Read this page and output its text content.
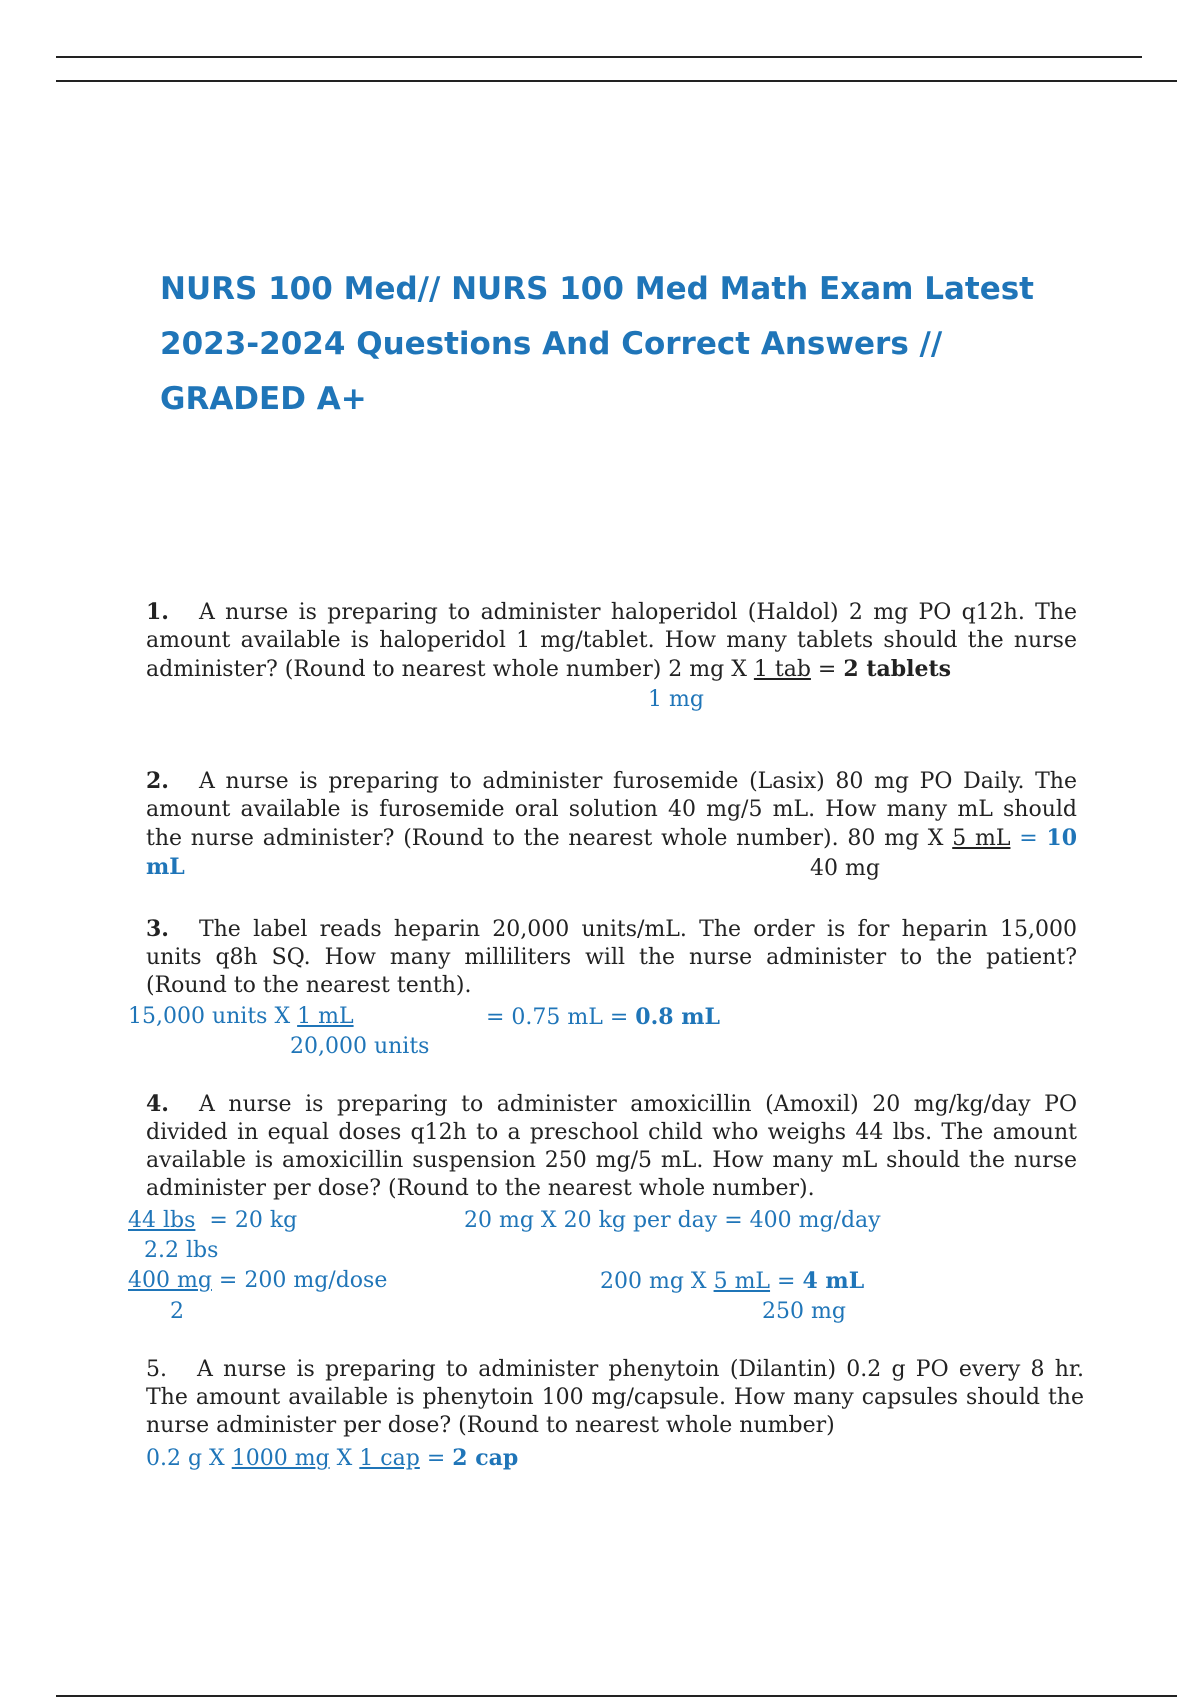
NURS 100 Med// NURS 100 Med Math Exam Latest 2023-2024 Questions And Correct Answers // GRADED A+
1. A nurse is preparing to administer haloperidol (Haldol) 2 mg PO q12h. The amount available is haloperidol 1 mg/tablet. How many tablets should the nurse administer? (Round to nearest whole number) 2 mg X 1 tab = 2 tablets
1 mg
2. A nurse is preparing to administer furosemide (Lasix) 80 mg PO Daily. The amount available is furosemide oral solution 40 mg/5 mL. How many mL should the nurse administer? (Round to the nearest whole number). 80 mg X 5 mL = 10 mL	40 mg
3. The label reads heparin 20,000 units/mL. The order is for heparin 15,000 units q8h SQ. How many milliliters will the nurse administer to the patient? (Round to the nearest tenth).
15,000 units X 1 mL	= 0.75 mL = 0.8 mL
20,000 units
4. A nurse is preparing to administer amoxicillin (Amoxil) 20 mg/kg/day PO divided in equal doses q12h to a preschool child who weighs 44 lbs. The amount available is amoxicillin suspension 250 mg/5 mL. How many mL should the nurse administer per dose? (Round to the nearest whole number).
44 lbs = 20 kg	20 mg X 20 kg per day = 400 mg/day
2.2 lbs
400 mg = 200 mg/dose	200 mg X 5 mL = 4 mL
2	250 mg
5. A nurse is preparing to administer phenytoin (Dilantin) 0.2 g PO every 8 hr. The amount available is phenytoin 100 mg/capsule. How many capsules should the nurse administer per dose? (Round to nearest whole number)
0.2 g X 1000 mg X 1 cap = 2 cap
